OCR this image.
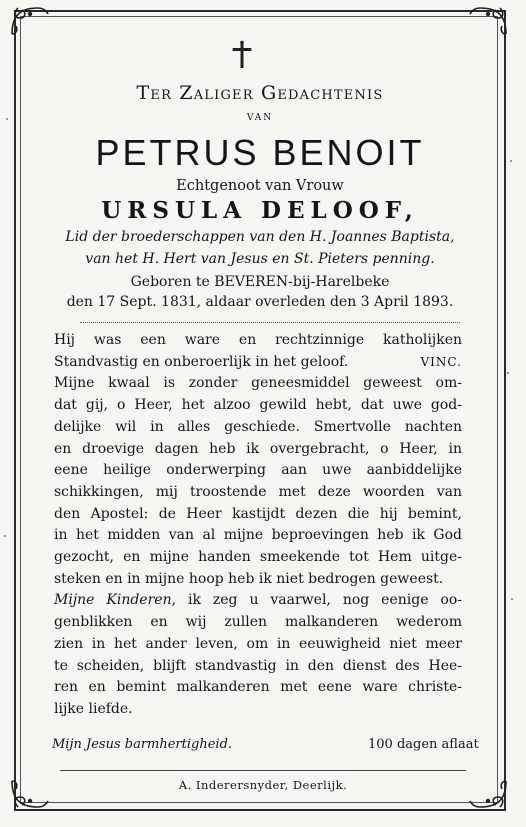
Ter Zaliger Gedachtenis
VAN
PETRUS BENOIT
Echtgenoot van Vrouw
URSULA DELOOF,
Lid der broederschappen van den H. Joannes Baptista,
van het H. Hert van Jesus en St. Pieters penning.
Geboren te BEVEREN-bij-Harelbeke
den 17 Sept. 1831, aldaar overleden den 3 April 1893.

Hij was een ware en rechtzinnige katholijken
Standvastig en onberoerlijk in het geloof.	VINC.

Mijne kwaal is zonder geneesmiddel geweest om-
dat gij, o Heer, het alzoo gewild hebt, dat uwe god-
delijke wil in alles geschiede. Smertvolle nachten
en droevige dagen heb ik overgebracht, o Heer, in
eene heilige onderwerping aan uwe aanbiddelijke
schikkingen, mij troostende met deze woorden van
den Apostel: de Heer kastijdt dezen die hij bemint,
in het midden van al mijne beproevingen heb ik God
gezocht, en mijne handen smeekende tot Hem uitge-
steken en in mijne hoop heb ik niet bedrogen geweest.

Mijne Kinderen, ik zeg u vaarwel, nog eenige oo-
genblikken en wij zullen malkanderen wederom
zien in het ander leven, om in eeuwigheid niet meer
te scheiden, blijft standvastig in den dienst des Hee-
ren en bemint malkanderen met eene ware christe-
lijke liefde.

Mijn Jesus barmhertigheid.	100 dagen aflaat
A. Inderersnyder, Deerlijk.
